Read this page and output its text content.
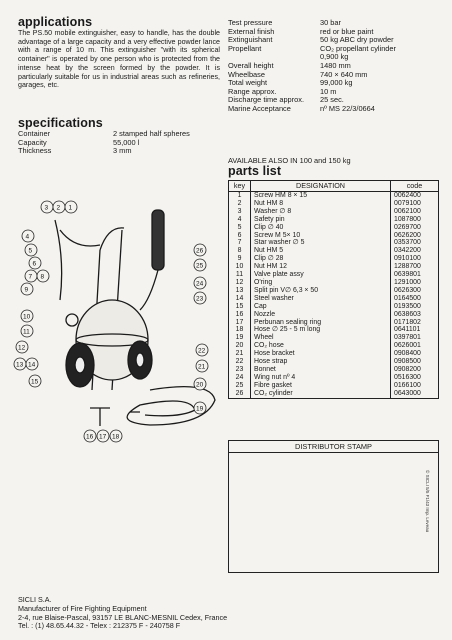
applications
The PS.50 mobile extinguisher, easy to handle, has the double advantage of a large capacity and a very effective powder lance with a range of 10 m. This extinguisher "with its spherical container" is operated by one person who is protected from the intense heat by the screen formed by the powder. It is particularly suitable for us in industrial areas such as refineries, garages, etc.
specifications
Container	2 stamped half spheres
Capacity	55,000 l
Thickness	3 mm
Test pressure	30 bar
External finish	red or blue paint
Extinguishant	50 kg ABC dry powder
Propellant	CO₂ propellant cylinder
0,900 kg
Overall height	1480 mm
Wheelbase	740 × 640 mm
Total weight	99,000 kg
Range approx.	10 m
Discharge time approx.	25 sec.
Marine Acceptance	nº MS 22/3/0664
AVAILABLE ALSO IN 100 and 150 kg
parts list
key	DESIGNATION	code
1	Screw HM 8 × 15	0062400
2	Nut HM 8	0079100
3	Washer ∅ 8	0062100
4	Safety pin	1087800
5	Clip ∅ 40	0269700
6	Screw M 5× 10	0626200
7	Star washer ∅ 5	0353700
8	Nut HM 5	0342200
9	Clip ∅ 28	0910100
10	Nut HM 12	1288700
11	Valve plate assy	0639801
12	O'ring	1291000
13	Split pin V∅ 6,3 × 50	0626300
14	Steel washer	0164500
15	Cap	0193500
16	Nozzle	0638603
17	Perbunan sealing ring	0171802
18	Hose ∅ 25 - 5 m long	0641101
19	Wheel	0397801
20	CO₂ hose	0626001
21	Hose bracket	0908400
22	Hose strap	0908500
23	Bonnet	0908200
24	Wing nut nº 4	0516300
25	Fibre gasket	0166100
26	CO₂ cylinder	0643000
DISTRIBUTOR STAMP
© SICLI 5/5 F1/43 Imp. Leveau
SICLI S.A.
Manufacturer of Fire Fighting Equipment
2-4, rue Blaise-Pascal, 93157 LE BLANC-MESNIL Cedex, France
Tel. : (1) 48.65.44.32 - Telex : 212375 F - 240758 F
3 2 1
4
5
6
7 8
9
10
11
12
13 14
15
16 17 18
19
20
21
22
23
24
25
26
